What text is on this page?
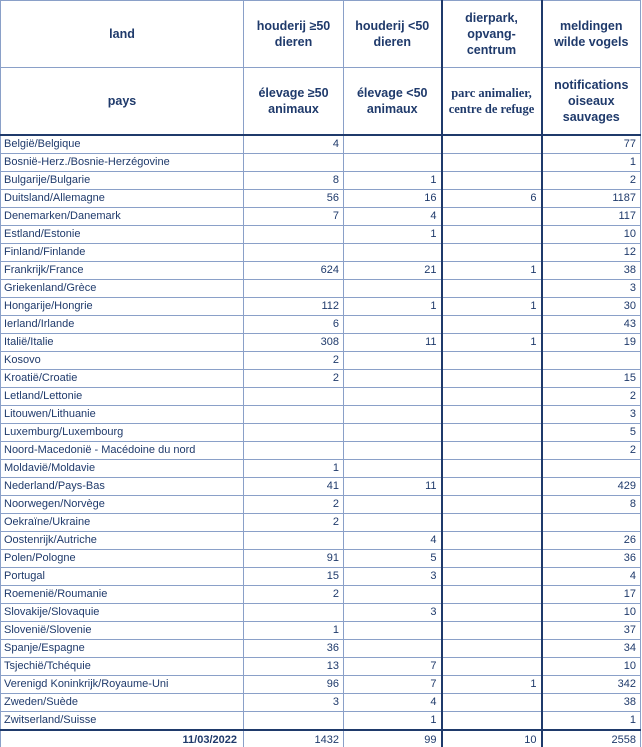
land	houderij ≥50 dieren	houderij <50 dieren	dierpark, opvang-centrum	meldingen wilde vogels
pays	élevage ≥50 animaux	élevage <50 animaux	parc animalier, centre de refuge	notifications oiseaux sauvages
België/Belgique	4			77
Bosnië-Herz./Bosnie-Herzégovine				1
Bulgarije/Bulgarie	8	1		2
Duitsland/Allemagne	56	16	6	1187
Denemarken/Danemark	7	4		117
Estland/Estonie		1		10
Finland/Finlande				12
Frankrijk/France	624	21	1	38
Griekenland/Grèce				3
Hongarije/Hongrie	112	1	1	30
Ierland/Irlande	6			43
Italië/Italie	308	11	1	19
Kosovo	2			
Kroatië/Croatie	2			15
Letland/Lettonie				2
Litouwen/Lithuanie				3
Luxemburg/Luxembourg				5
Noord-Macedonië - Macédoine du nord				2
Moldavië/Moldavie	1			
Nederland/Pays-Bas	41	11		429
Noorwegen/Norvège	2			8
Oekraïne/Ukraine	2			
Oostenrijk/Autriche		4		26
Polen/Pologne	91	5		36
Portugal	15	3		4
Roemenië/Roumanie	2			17
Slovakije/Slovaquie		3		10
Slovenië/Slovenie	1			37
Spanje/Espagne	36			34
Tsjechië/Tchéquie	13	7		10
Verenigd Koninkrijk/Royaume-Uni	96	7	1	342
Zweden/Suède	3	4		38
Zwitserland/Suisse		1		1
11/03/2022	1432	99	10	2558
